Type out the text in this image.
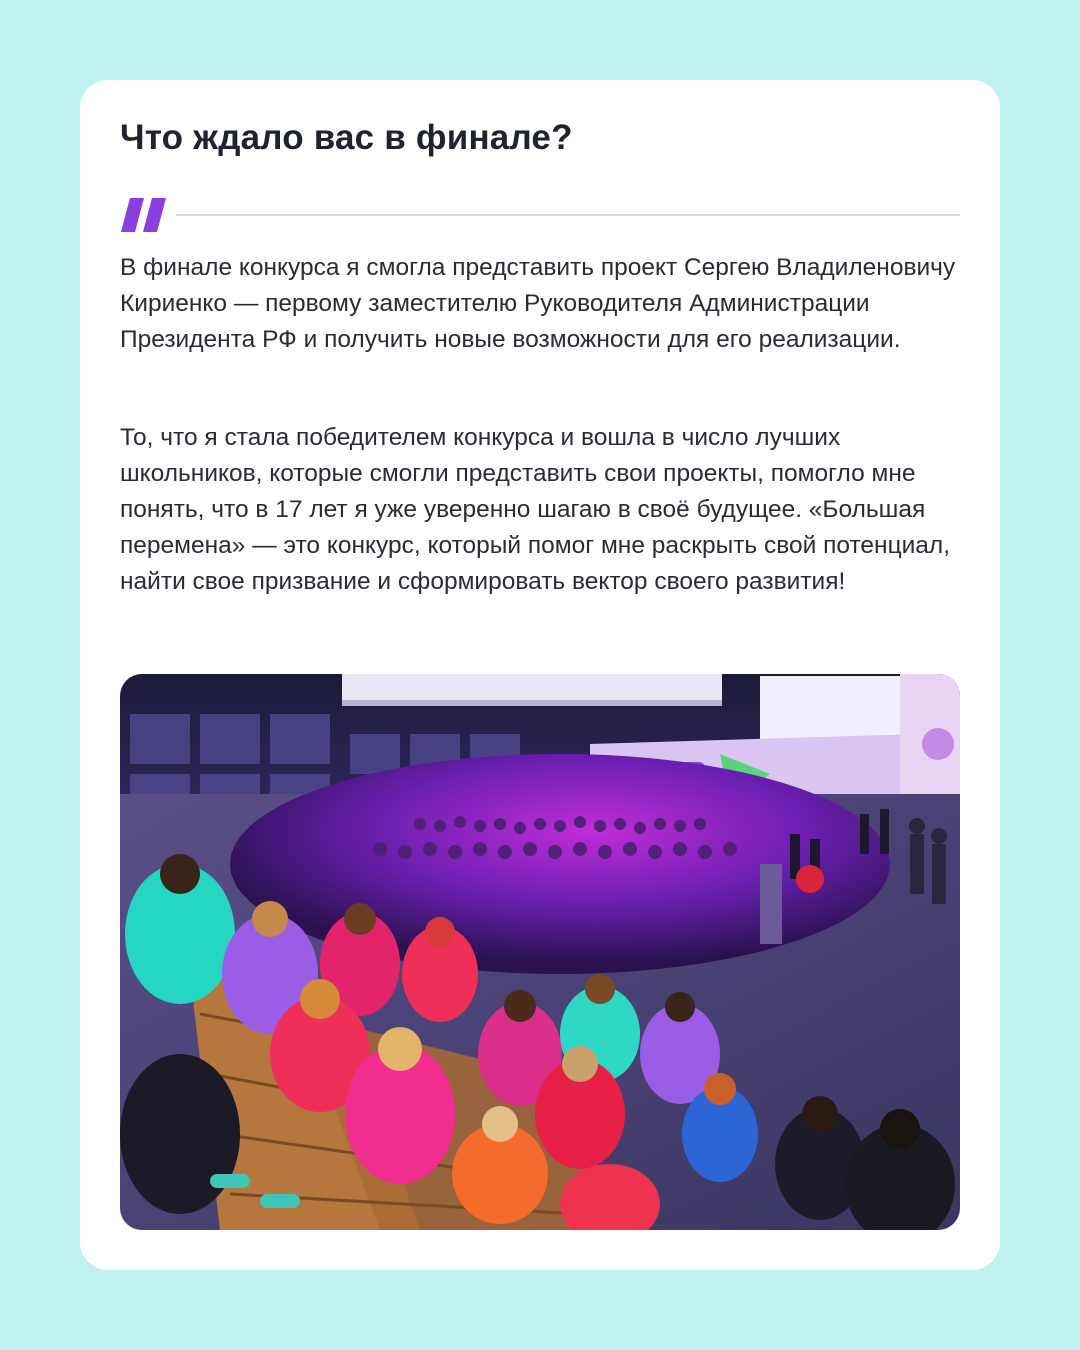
Что ждало вас в финале?

В финале конкурса я смогла представить проект Сергею Владиленовичу Кириенко — первому заместителю Руководителя Администрации Президента РФ и получить новые возможности для его реализации.

То, что я стала победителем конкурса и вошла в число лучших школьников, которые смогли представить свои проекты, помогло мне понять, что в 17 лет я уже уверенно шагаю в своё будущее. «Большая перемена» — это конкурс, который помог мне раскрыть свой потенциал, найти свое призвание и сформировать вектор своего развития!
